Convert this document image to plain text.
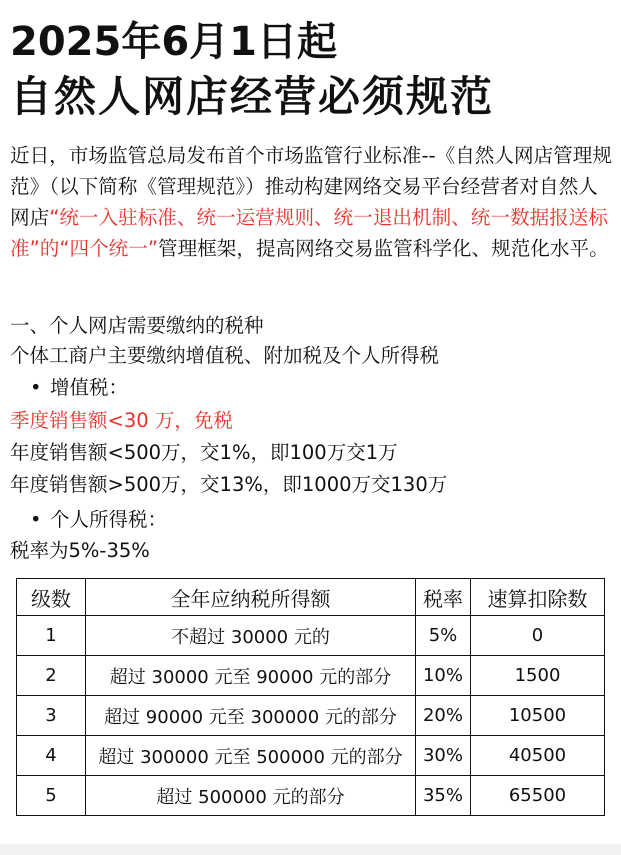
2025年6月1日起
自然人网店经营必须规范

近日，市场监管总局发布首个市场监管行业标准--《自然人网店管理规范》（以下简称《管理规范》）推动构建网络交易平台经营者对自然人网店“统一入驻标准、统一运营规则、统一退出机制、统一数据报送标准”的“四个统一”管理框架，提高网络交易监管科学化、规范化水平。

一、个人网店需要缴纳的税种

个体工商户主要缴纳增值税、附加税及个人所得税

• 增值税：

季度销售额<30 万，免税

年度销售额<500万，交1%，即100万交1万

年度销售额>500万，交13%，即1000万交130万

• 个人所得税：

税率为5%-35%

级数	全年应纳税所得额	税率	速算扣除数
1	不超过 30000 元的	5%	0
2	超过 30000 元至 90000 元的部分	10%	1500
3	超过 90000 元至 300000 元的部分	20%	10500
4	超过 300000 元至 500000 元的部分	30%	40500
5	超过 500000 元的部分	35%	65500
